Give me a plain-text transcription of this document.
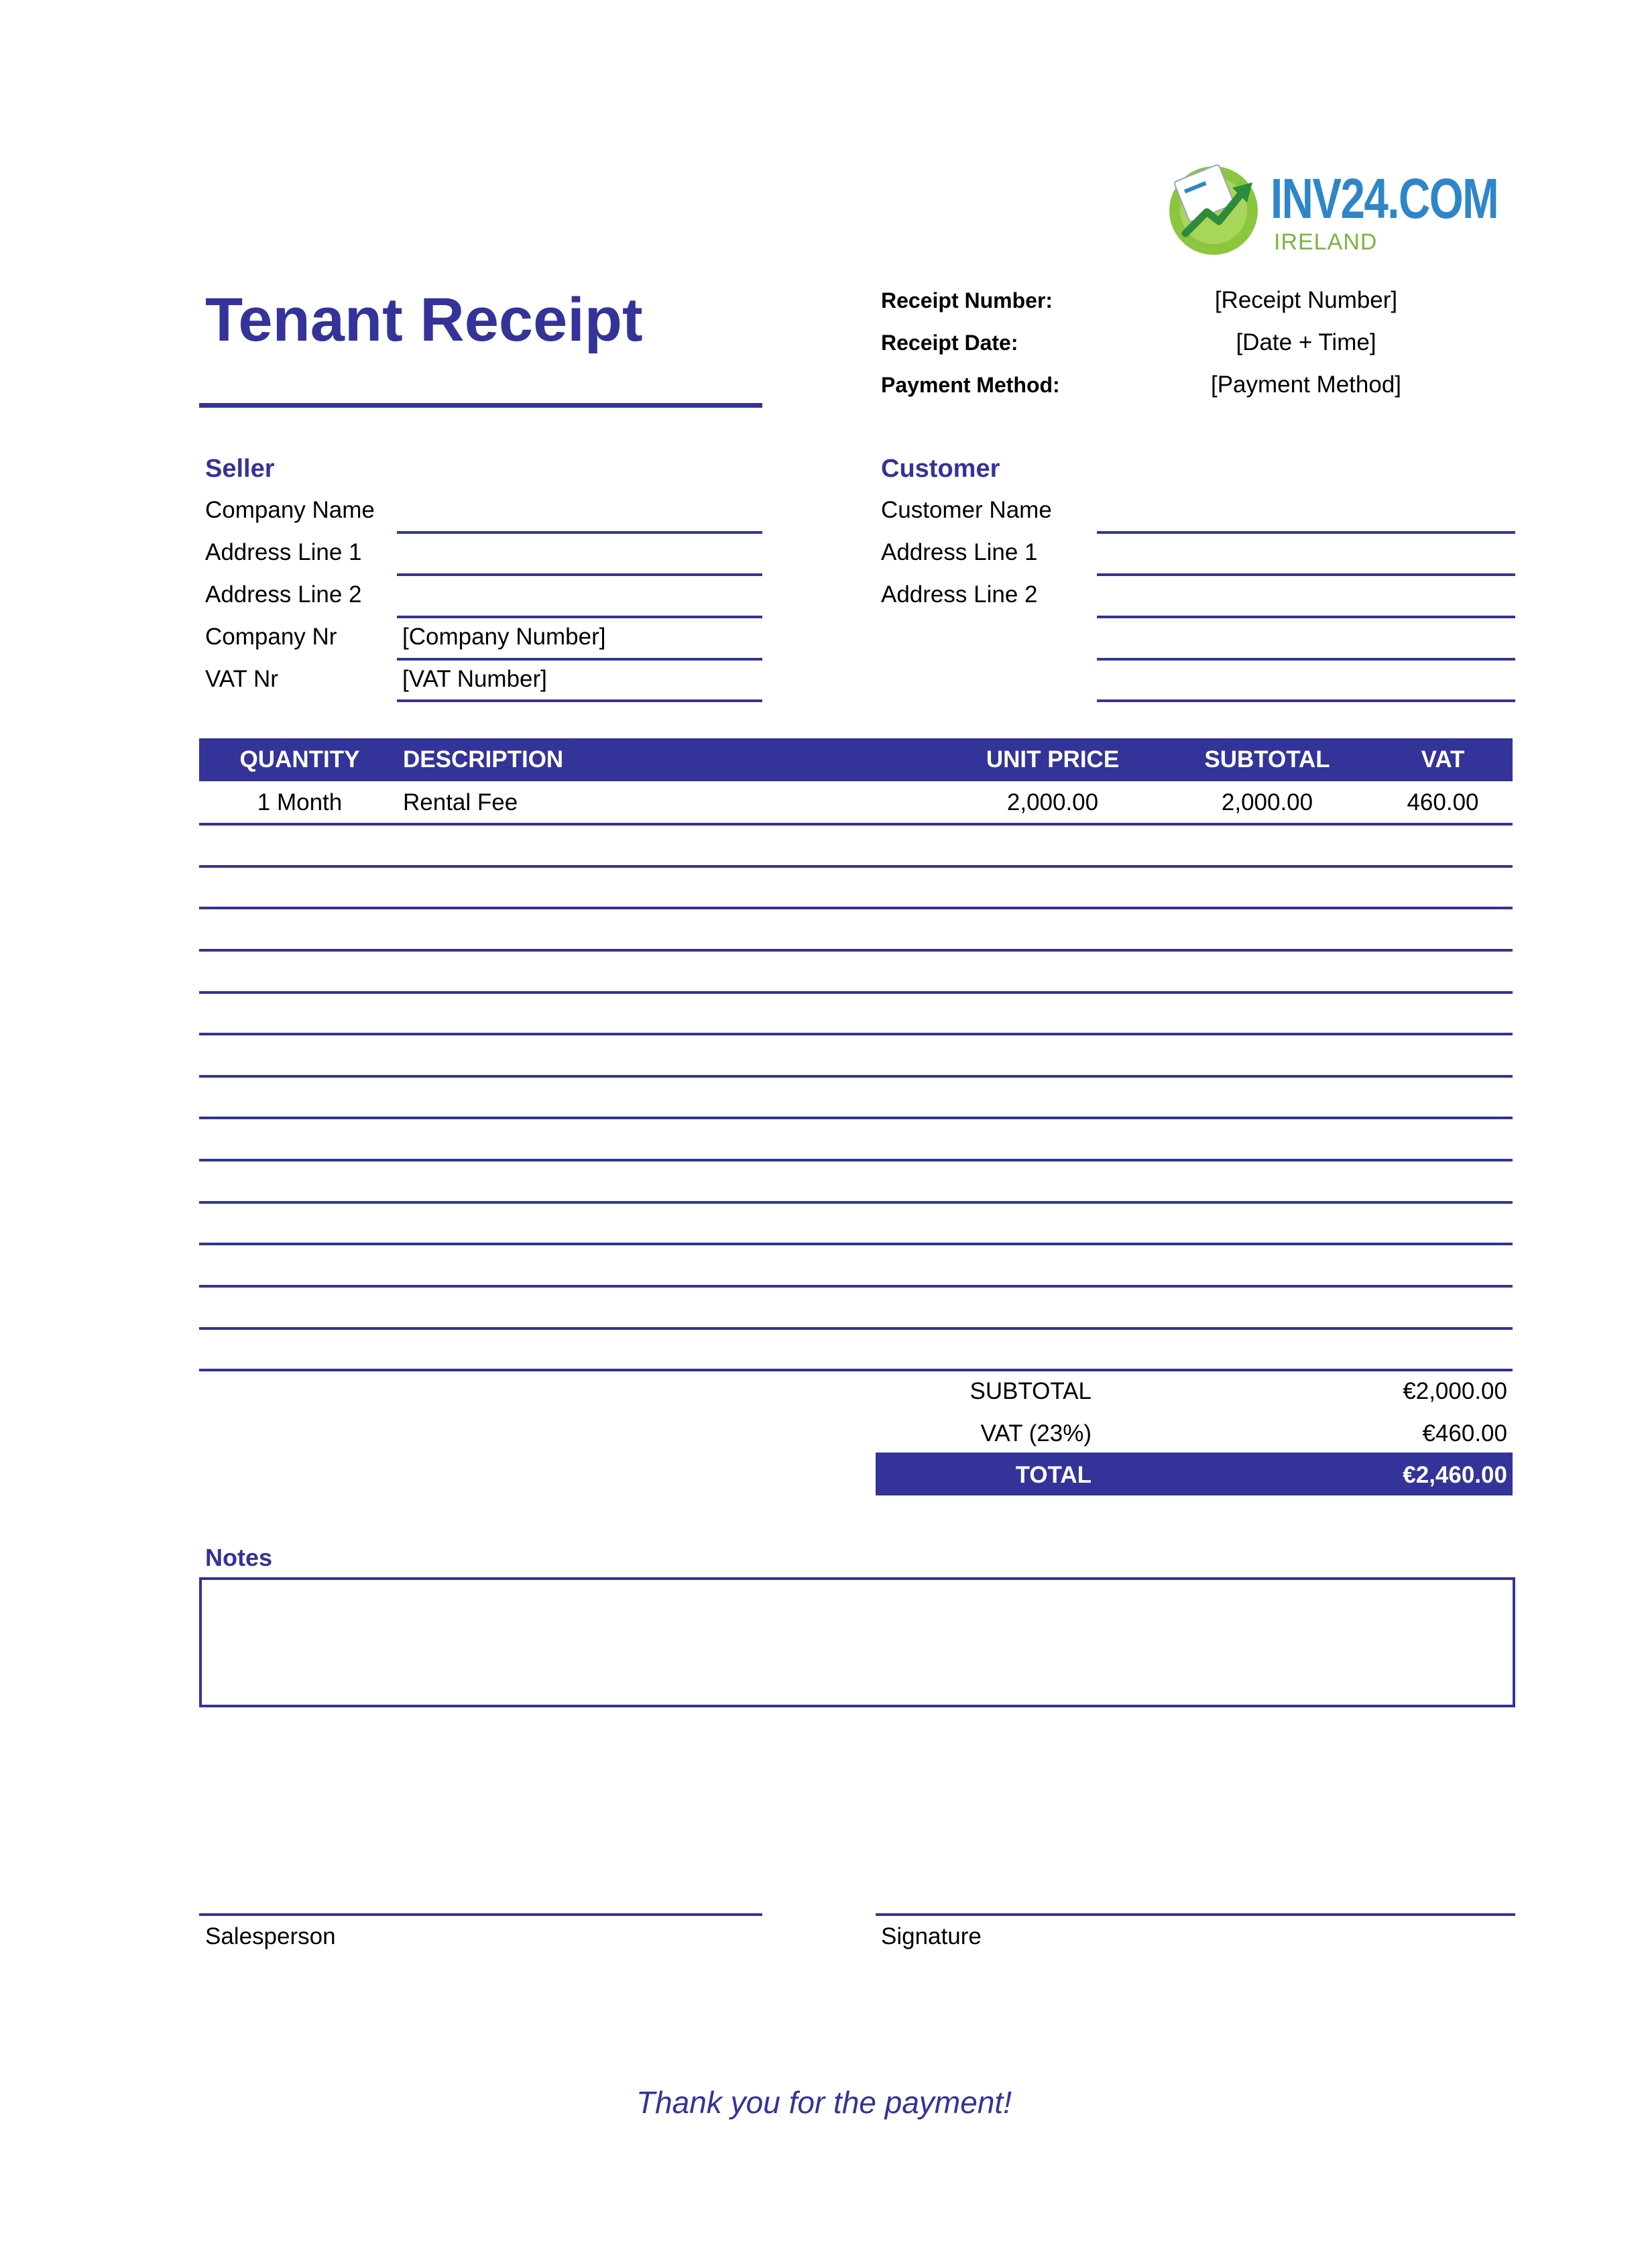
INV24.COM
IRELAND
Tenant Receipt	Receipt Number:	[Receipt Number]
Receipt Date:	[Date + Time]
Payment Method:	[Payment Method]
Seller
Company Name
Address Line 1
Address Line 2
Company Nr	[Company Number]
VAT Nr	[VAT Number]
Customer
Customer Name
Address Line 1
Address Line 2
QUANTITY	DESCRIPTION	UNIT PRICE	SUBTOTAL	VAT
1 Month	Rental Fee	2,000.00	2,000.00	460.00
SUBTOTAL	€2,000.00
VAT (23%)	€460.00
TOTAL	€2,460.00
Notes
Salesperson	Signature
Thank you for the payment!
